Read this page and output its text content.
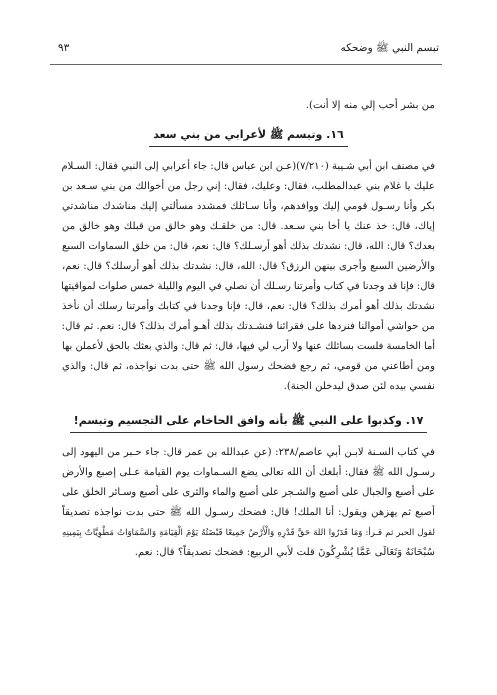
تبسم النبي ﷺ وضحكه
٩٣
من بشر أحب إلي منه إلا أنت).
١٦. وتبسم ﷺ لأعرابي من بني سعد
في مصنف ابن أبي شـيبة (٧/٢١٠)(عـن ابن عباس قال: جاء أعرابي إلى النبي فقال: السـلام
عليك يا غلام بني عبدالمطلب، فقال: وعليك، فقال: إني رجل من أخوالك من بني سـعد بن
بكر وأنا رسـول قومي إليك ووافدهم، وأنا سـائلك فمشدد مسألتي إليك مناشدك مناشدتي
إياك، قال: خذ عنك يا أخا بني سـعد. قال: من خلقـك وهو خالق من قبلك وهو خالق من
بعدك؟ قال: الله، قال: نشدتك بذلك أهو أرسـلك؟ قال: نعم، قال: من خلق السماوات السبع
والأرضين السبع وأجرى بينهن الرزق؟ قال: الله، قال: نشدتك بذلك أهو أرسلك؟ قال: نعم،
قال: فإنا قد وجدنا في كتاب وأمرتنا رسـلك أن نصلي في اليوم والليلة خمس صلوات لمواقيتها
نشدتك بذلك أهو أمرك بذلك؟ قال: نعم، قال: فإنا وجدنا في كتابك وأمرتنا رسلك أن نأخذ
من حواشي أموالنا فنردها على فقرائنا فنشـدتك بذلك أهـو أمرك بذلك؟ قال: نعم. ثم قال:
أما الخامسة فلست بسائلك عنها ولا أرب لي فيها، قال: ثم قال: والذي بعثك بالحق لأعملن بها
ومن أطاعني من قومي، ثم رجع فضحك رسول الله ﷺ حتى بدت نواجذه، ثم قال: والذي
نفسي بيده لئن صدق ليدخلن الجنة).
١٧. وكذبوا على النبي ﷺ بأنه وافق الحاخام على التجسيم وتبسم!
في كتاب السـنة لابـن أبي عاصم/٢٣٨: (عن عبدالله بن عمر قال: جاء حـبر من اليهود إلى
رسـول الله ﷺ فقال: أبلغك أن الله تعالى يضع السـماوات يوم القيامة عـلى إصبع والأرض
على أصبع والجبال على أصبع والشـجر على أصبع والماء والثرى على أصبع وسـائر الخلق على
أصبع ثم يهزهن ويقول: أنا الملك! قال: فضحك رسـول الله ﷺ حتى بدت نواجذه تصديقاً
لقول الحبر ثم قـرأ: وَمَا قَدَرُوا اللهَ حَقَّ قَدْرِهِ وَالْأَرْضُ جَمِيعًا قَبْضَتُهُ يَوْمَ الْقِيَامَةِ وَالسَّمَاوَاتُ مَطْوِيَّاتٌ بِيَمِينِهِ
سُبْحَانَهُ وَتَعَالَى عَمَّا يُشْرِكُونَ قلت لأبي الربيع: فضحك تصديقاً؟ قال: نعم.
